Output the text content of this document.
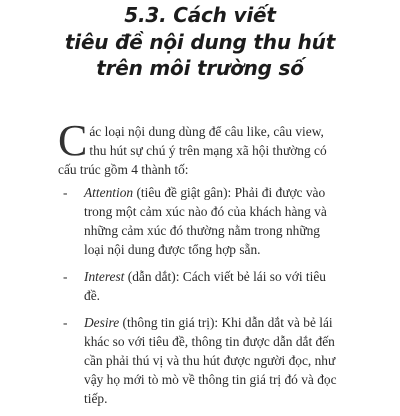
5.3. Cách viết
tiêu đề nội dung thu hút
trên môi trường số
C ác loại nội dung dùng để câu like, câu view,
thu hút sự chú ý trên mạng xã hội thường có
cấu trúc gồm 4 thành tố:
- Attention (tiêu đề giật gân): Phải đi được vào
trong một cảm xúc nào đó của khách hàng và
những cảm xúc đó thường nằm trong những
loại nội dung được tổng hợp sẵn.
- Interest (dẫn dắt): Cách viết bẻ lái so với tiêu
đề.
- Desire (thông tin giá trị): Khi dẫn dắt và bẻ lái
khác so với tiêu đề, thông tin được dẫn dắt đến
cần phải thú vị và thu hút được người đọc, như
vậy họ mới tò mò về thông tin giá trị đó và đọc
tiếp.
